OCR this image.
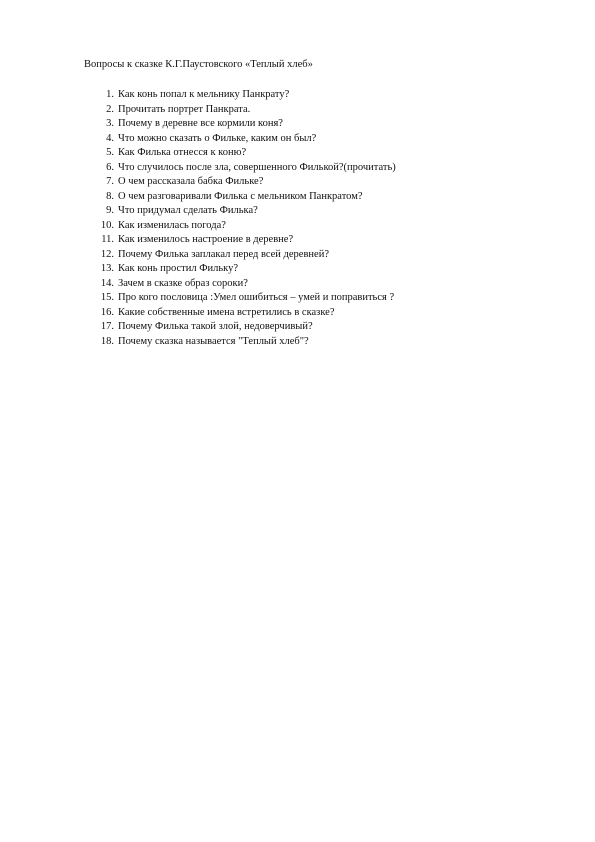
Вопросы к сказке К.Г.Паустовского «Теплый хлеб»
1. Как конь попал к мельнику Панкрату?
2. Прочитать портрет Панкрата.
3. Почему в деревне все кормили коня?
4. Что можно сказать о Фильке, каким он был?
5. Как Филька отнесся к коню?
6. Что случилось после зла, совершенного Филькой?(прочитать)
7. О чем рассказала бабка Фильке?
8. О чем разговаривали Филька с мельником Панкратом?
9. Что придумал сделать Филька?
10. Как изменилась погода?
11. Как изменилось настроение в деревне?
12. Почему Филька заплакал перед всей деревней?
13. Как конь простил Фильку?
14. Зачем в сказке образ сороки?
15. Про кого пословица :Умел ошибиться – умей и поправиться ?
16. Какие собственные имена встретились в сказке?
17. Почему Филька такой злой, недоверчивый?
18. Почему сказка называется "Теплый хлеб"?
